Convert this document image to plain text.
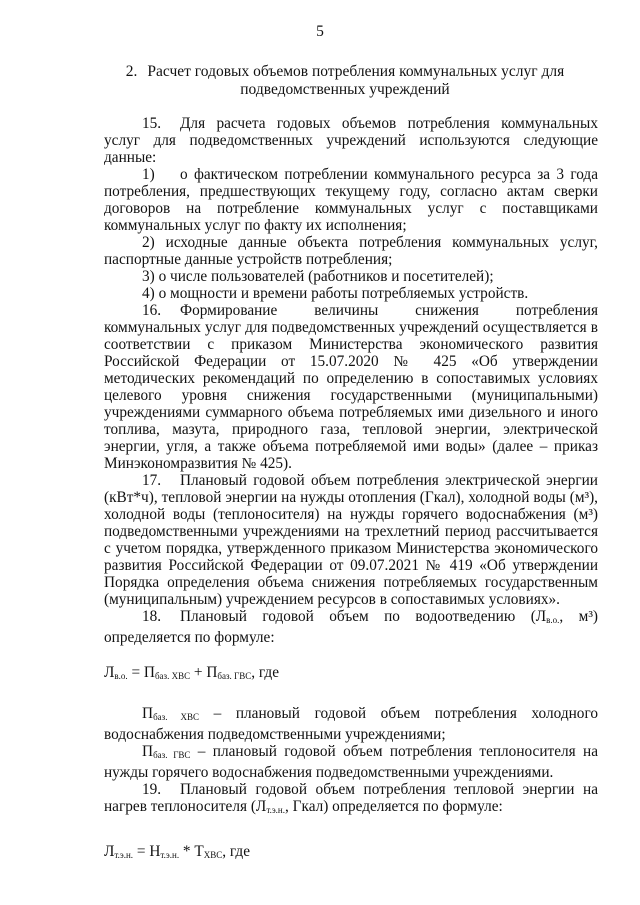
5
2. Расчет годовых объемов потребления коммунальных услуг для подведомственных учреждений

15. Для расчета годовых объемов потребления коммунальных услуг для подведомственных учреждений используются следующие данные:

1) о фактическом потреблении коммунального ресурса за 3 года потребления, предшествующих текущему году, согласно актам сверки договоров на потребление коммунальных услуг с поставщиками коммунальных услуг по факту их исполнения;

2) исходные данные объекта потребления коммунальных услуг, паспортные данные устройств потребления;

3) о числе пользователей (работников и посетителей);

4) о мощности и времени работы потребляемых устройств.

16. Формирование величины снижения потребления коммунальных услуг для подведомственных учреждений осуществляется в соответствии с приказом Министерства экономического развития Российской Федерации от 15.07.2020 № 425 «Об утверждении методических рекомендаций по определению в сопоставимых условиях целевого уровня снижения государственными (муниципальными) учреждениями суммарного объема потребляемых ими дизельного и иного топлива, мазута, природного газа, тепловой энергии, электрической энергии, угля, а также объема потребляемой ими воды» (далее – приказ Минэкономразвития № 425).

17. Плановый годовой объем потребления электрической энергии (кВт*ч), тепловой энергии на нужды отопления (Гкал), холодной воды (м³), холодной воды (теплоносителя) на нужды горячего водоснабжения (м³) подведомственными учреждениями на трехлетний период рассчитывается с учетом порядка, утвержденного приказом Министерства экономического развития Российской Федерации от 09.07.2021 № 419 «Об утверждении Порядка определения объема снижения потребляемых государственным (муниципальным) учреждением ресурсов в сопоставимых условиях».

18. Плановый годовой объем по водоотведению ($Л_{в.о.}$, м³) определяется по формуле:

$Л_{в.о.} = П_{баз. ХВС} + П_{баз. ГВС}$, где

$П_{баз. ХВС}$ – плановый годовой объем потребления холодного водоснабжения подведомственными учреждениями;

$П_{баз. ГВС}$ – плановый годовой объем потребления теплоносителя на нужды горячего водоснабжения подведомственными учреждениями.

19. Плановый годовой объем потребления тепловой энергии на нагрев теплоносителя ($Л_{т.э.н.}$, Гкал) определяется по формуле:

$Л_{т.э.н.} = Н_{т.э.н.} * Т_{ХВС}$, где
